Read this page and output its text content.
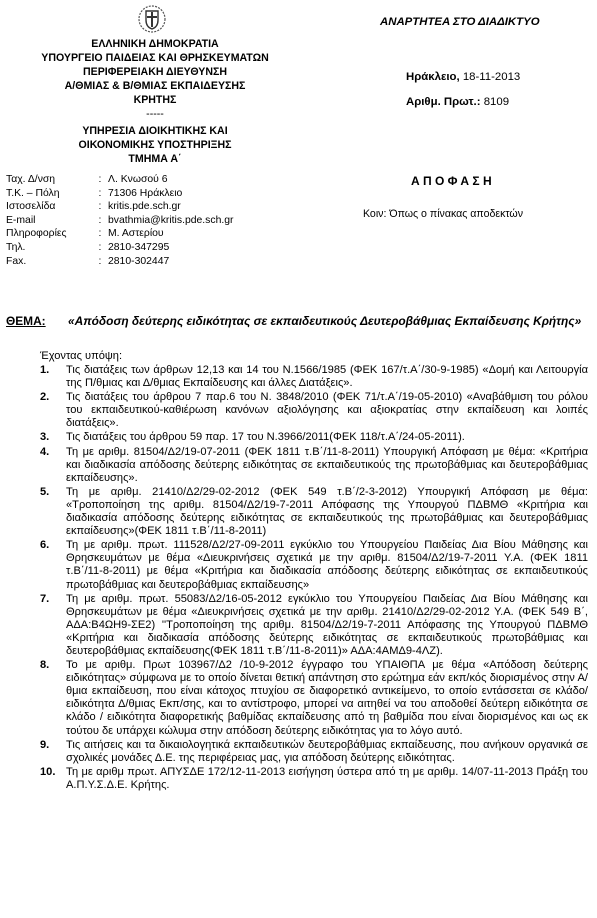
ΕΛΛΗΝΙΚΗ ΔΗΜΟΚΡΑΤΙΑ
ΥΠΟΥΡΓΕΙΟ ΠΑΙΔΕΙΑΣ ΚΑΙ ΘΡΗΣΚΕΥΜΑΤΩΝ
ΠΕΡΙΦΕΡΕΙΑΚΗ ΔΙΕΥΘΥΝΣΗ
Α/ΘΜΙΑΣ & Β/ΘΜΙΑΣ ΕΚΠΑΙΔΕΥΣΗΣ
ΚΡΗΤΗΣ
-----
ΥΠΗΡΕΣΙΑ ΔΙΟΙΚΗΤΙΚΗΣ ΚΑΙ
ΟΙΚΟΝΟΜΙΚΗΣ ΥΠΟΣΤΗΡΙΞΗΣ
ΤΜΗΜΑ Α΄
ΑΝΑΡΤΗΤΕΑ ΣΤΟ ΔΙΑΔΙΚΤΥΟ
Ηράκλειο, 18-11-2013
Αριθμ. Πρωτ.: 8109
Α Π Ο Φ Α Σ Η
Κοιν: Όπως ο πίνακας αποδεκτών
Ταχ. Δ/νση	: Λ. Κνωσού 6
Τ.Κ. – Πόλη	: 71306 Ηράκλειο
Ιστοσελίδα	: kritis.pde.sch.gr
E-mail	: bvathmia@kritis.pde.sch.gr
Πληροφορίες	: Μ. Αστερίου
Τηλ.	: 2810-347295
Fax.	: 2810-302447
ΘΕΜΑ:	«Απόδοση δεύτερης ειδικότητας σε εκπαιδευτικούς Δευτεροβάθμιας Εκπαίδευσης Κρήτης»
Έχοντας υπόψη:
1.	Τις διατάξεις των άρθρων 12,13 και 14 του Ν.1566/1985 (ΦΕΚ 167/τ.Α΄/30-9-1985) «Δομή και Λειτουργία της Π/θμιας και Δ/θμιας Εκπαίδευσης και άλλες Διατάξεις».
2.	Τις διατάξεις του άρθρου 7 παρ.6 του Ν. 3848/2010 (ΦΕΚ 71/τ.Α΄/19-05-2010) «Αναβάθμιση του ρόλου του εκπαιδευτικού-καθιέρωση κανόνων αξιολόγησης και αξιοκρατίας στην εκπαίδευση και λοιπές διατάξεις».
3.	Τις διατάξεις του άρθρου 59 παρ. 17 του Ν.3966/2011(ΦΕΚ 118/τ.Α΄/24-05-2011).
4.	Τη με αριθμ. 81504/Δ2/19-07-2011 (ΦΕΚ 1811 τ.Β΄/11-8-2011) Υπουργική Απόφαση με θέμα: «Κριτήρια και διαδικασία απόδοσης δεύτερης ειδικότητας σε εκπαιδευτικούς της πρωτοβάθμιας και δευτεροβάθμιας εκπαίδευσης».
5.	Τη με αριθμ. 21410/Δ2/29-02-2012 (ΦΕΚ 549 τ.Β΄/2-3-2012) Υπουργική Απόφαση με θέμα: «Τροποποίηση της αριθμ. 81504/Δ2/19-7-2011 Απόφασης της Υπουργού ΠΔΒΜΘ «Κριτήρια και διαδικασία απόδοσης δεύτερης ειδικότητας σε εκπαιδευτικούς της πρωτοβάθμιας και δευτεροβάθμιας εκπαίδευσης»(ΦΕΚ 1811 τ.Β΄/11-8-2011)
6.	Τη με αριθμ. πρωτ. 111528/Δ2/27-09-2011 εγκύκλιο του Υπουργείου Παιδείας Δια Βίου Μάθησης και Θρησκευμάτων με θέμα «Διευκρινήσεις σχετικά με την αριθμ. 81504/Δ2/19-7-2011 Υ.Α. (ΦΕΚ 1811 τ.Β΄/11-8-2011) με θέμα «Κριτήρια και διαδικασία απόδοσης δεύτερης ειδικότητας σε εκπαιδευτικούς πρωτοβάθμιας και δευτεροβάθμιας εκπαίδευσης»
7.	Τη με αριθμ. πρωτ. 55083/Δ2/16-05-2012 εγκύκλιο του Υπουργείου Παιδείας Δια Βίου Μάθησης και Θρησκευμάτων με θέμα «Διευκρινήσεις σχετικά με την αριθμ. 21410/Δ2/29-02-2012 Υ.Α. (ΦΕΚ 549 Β΄, ΑΔΑ:Β4ΩΗ9-ΣΕ2) ''Τροποποίηση της αριθμ. 81504/Δ2/19-7-2011 Απόφασης της Υπουργού ΠΔΒΜΘ «Κριτήρια και διαδικασία απόδοσης δεύτερης ειδικότητας σε εκπαιδευτικούς πρωτοβάθμιας και δευτεροβάθμιας εκπαίδευσης(ΦΕΚ 1811 τ.Β΄/11-8-2011)» ΑΔΑ:4ΑΜΔ9-4ΛΖ).
8.	Το με αριθμ. Πρωτ 103967/Δ2 /10-9-2012 έγγραφο του ΥΠΑΙΘΠΑ με θέμα «Απόδοση δεύτερης ειδικότητας» σύμφωνα με το οποίο δίνεται θετική απάντηση στο ερώτημα εάν εκπ/κός διορισμένος στην Α/θμια εκπαίδευση, που είναι κάτοχος πτυχίου σε διαφορετικό αντικείμενο, το οποίο εντάσσεται σε κλάδο/ειδικότητα Δ/θμιας Εκπ/σης, και το αντίστροφο, μπορεί να αιτηθεί να του αποδοθεί δεύτερη ειδικότητα σε κλάδο / ειδικότητα διαφορετικής βαθμίδας εκπαίδευσης από τη βαθμίδα που είναι διορισμένος και ως εκ τούτου δε υπάρχει κώλυμα στην απόδοση δεύτερης ειδικότητας για το λόγο αυτό.
9.	Τις αιτήσεις και τα δικαιολογητικά εκπαιδευτικών δευτεροβάθμιας εκπαίδευσης, που ανήκουν οργανικά σε σχολικές μονάδες Δ.Ε. της περιφέρειας μας, για απόδοση δεύτερης ειδικότητας.
10. Τη με αριθμ πρωτ. ΑΠΥΣΔΕ 172/12-11-2013 εισήγηση ύστερα από τη με αριθμ. 14/07-11-2013 Πράξη του Α.Π.Υ.Σ.Δ.Ε. Κρήτης.
